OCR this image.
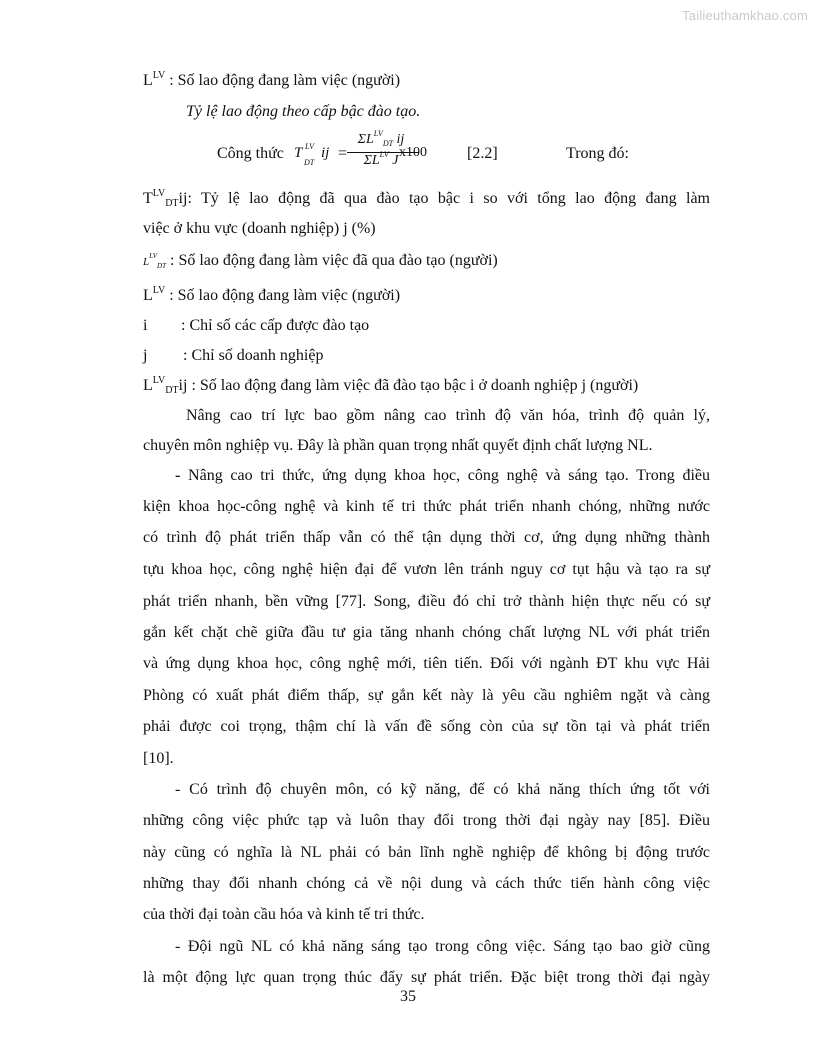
Tailieuthamkhao.com
$L^{LV}$ : Số lao động đang làm việc (người)
Tỷ lệ lao động theo cấp bậc đào tạo.
Công thức T LV
DT
ij =
$\Sigma L^{LV}_{DT}$ ij
$\Sigma L^{LV}$ J
x100	[2.2]	Trong đó:
$T^{LV}_{DT}ij$: Tỷ lệ lao động đã qua đào tạo bậc i so với tổng lao động đang làm
việc ở khu vực (doanh nghiệp) j (%)
$L^{LV}_{DT}$ : Số lao động đang làm việc đã qua đào tạo (người)
$L^{LV}$ : Số lao động đang làm việc (người)
i : Chỉ số các cấp được đào tạo
j : Chỉ số doanh nghiệp
$L^{LV}_{DT}ij$ : Số lao động đang làm việc đã đào tạo bậc i ở doanh nghiệp j (người)
Nâng cao trí lực bao gồm nâng cao trình độ văn hóa, trình độ quản lý,
chuyên môn nghiệp vụ. Đây là phần quan trọng nhất quyết định chất lượng NL.
- Nâng cao tri thức, ứng dụng khoa học, công nghệ và sáng tạo. Trong điều
kiện khoa học-công nghệ và kinh tế tri thức phát triển nhanh chóng, những nước
có trình độ phát triển thấp vẫn có thể tận dụng thời cơ, ứng dụng những thành
tựu khoa học, công nghệ hiện đại để vươn lên tránh nguy cơ tụt hậu và tạo ra sự
phát triển nhanh, bền vững [77]. Song, điều đó chỉ trở thành hiện thực nếu có sự
gắn kết chặt chẽ giữa đầu tư gia tăng nhanh chóng chất lượng NL với phát triển
và ứng dụng khoa học, công nghệ mới, tiên tiến. Đối với ngành ĐT khu vực Hải
Phòng có xuất phát điểm thấp, sự gắn kết này là yêu cầu nghiêm ngặt và càng
phải được coi trọng, thậm chí là vấn đề sống còn của sự tồn tại và phát triển
[10].
- Có trình độ chuyên môn, có kỹ năng, để có khả năng thích ứng tốt với
những công việc phức tạp và luôn thay đổi trong thời đại ngày nay [85]. Điều
này cũng có nghĩa là NL phải có bản lĩnh nghề nghiệp để không bị động trước
những thay đổi nhanh chóng cả về nội dung và cách thức tiến hành công việc
của thời đại toàn cầu hóa và kinh tế tri thức.
- Đội ngũ NL có khả năng sáng tạo trong công việc. Sáng tạo bao giờ cũng
là một động lực quan trọng thúc đẩy sự phát triển. Đặc biệt trong thời đại ngày
35
